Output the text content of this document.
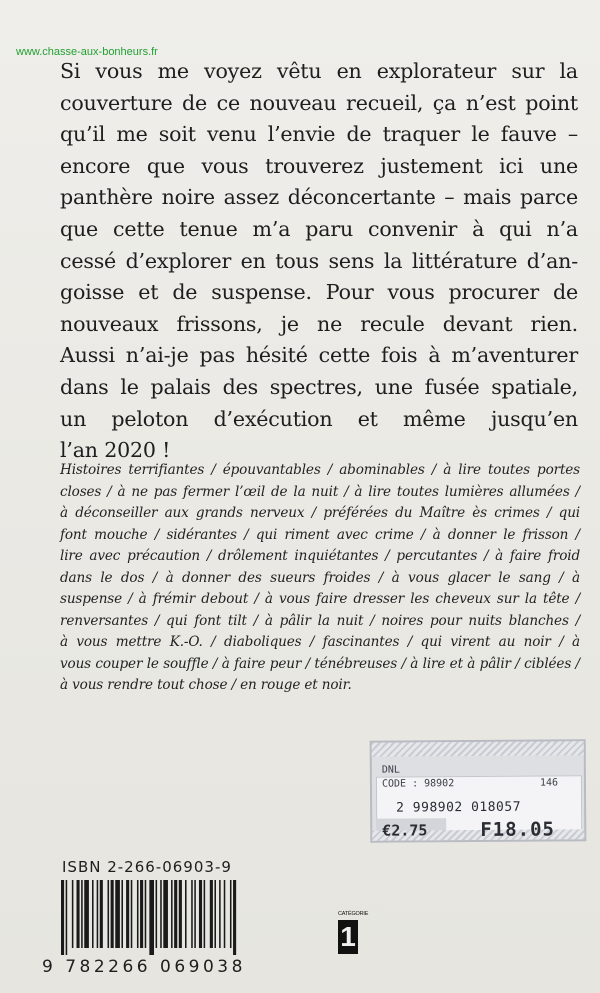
www.chasse-aux-bonheurs.fr

Si vous me voyez vêtu en explorateur sur la
couverture de ce nouveau recueil, ça n’est point
qu’il me soit venu l’envie de traquer le fauve –
encore que vous trouverez justement ici une
panthère noire assez déconcertante – mais parce
que cette tenue m’a paru convenir à qui n’a
cessé d’explorer en tous sens la littérature d’an-
goisse et de suspense. Pour vous procurer de
nouveaux frissons, je ne recule devant rien.
Aussi n’ai-je pas hésité cette fois à m’aventurer
dans le palais des spectres, une fusée spatiale,
un peloton d’exécution et même jusqu’en
l’an 2020 !

Histoires terrifiantes / épouvantables / abominables / à lire toutes portes
closes / à ne pas fermer l’œil de la nuit / à lire toutes lumières allumées /
à déconseiller aux grands nerveux / préférées du Maître ès crimes / qui
font mouche / sidérantes / qui riment avec crime / à donner le frisson /
lire avec précaution / drôlement inquiétantes / percutantes / à faire froid
dans le dos / à donner des sueurs froides / à vous glacer le sang / à
suspense / à frémir debout / à vous faire dresser les cheveux sur la tête /
renversantes / qui font tilt / à pâlir la nuit / noires pour nuits blanches /
à vous mettre K.-O. / diaboliques / fascinantes / qui virent au noir / à
vous couper le souffle / à faire peur / ténébreuses / à lire et à pâlir / ciblées /
à vous rendre tout chose / en rouge et noir.

DNL
CODE : 98902	146
2 998902 018057
€2.75	F18.05
ISBN 2-266-06903-9
9 782266 069038
CATÉGORIE
1
